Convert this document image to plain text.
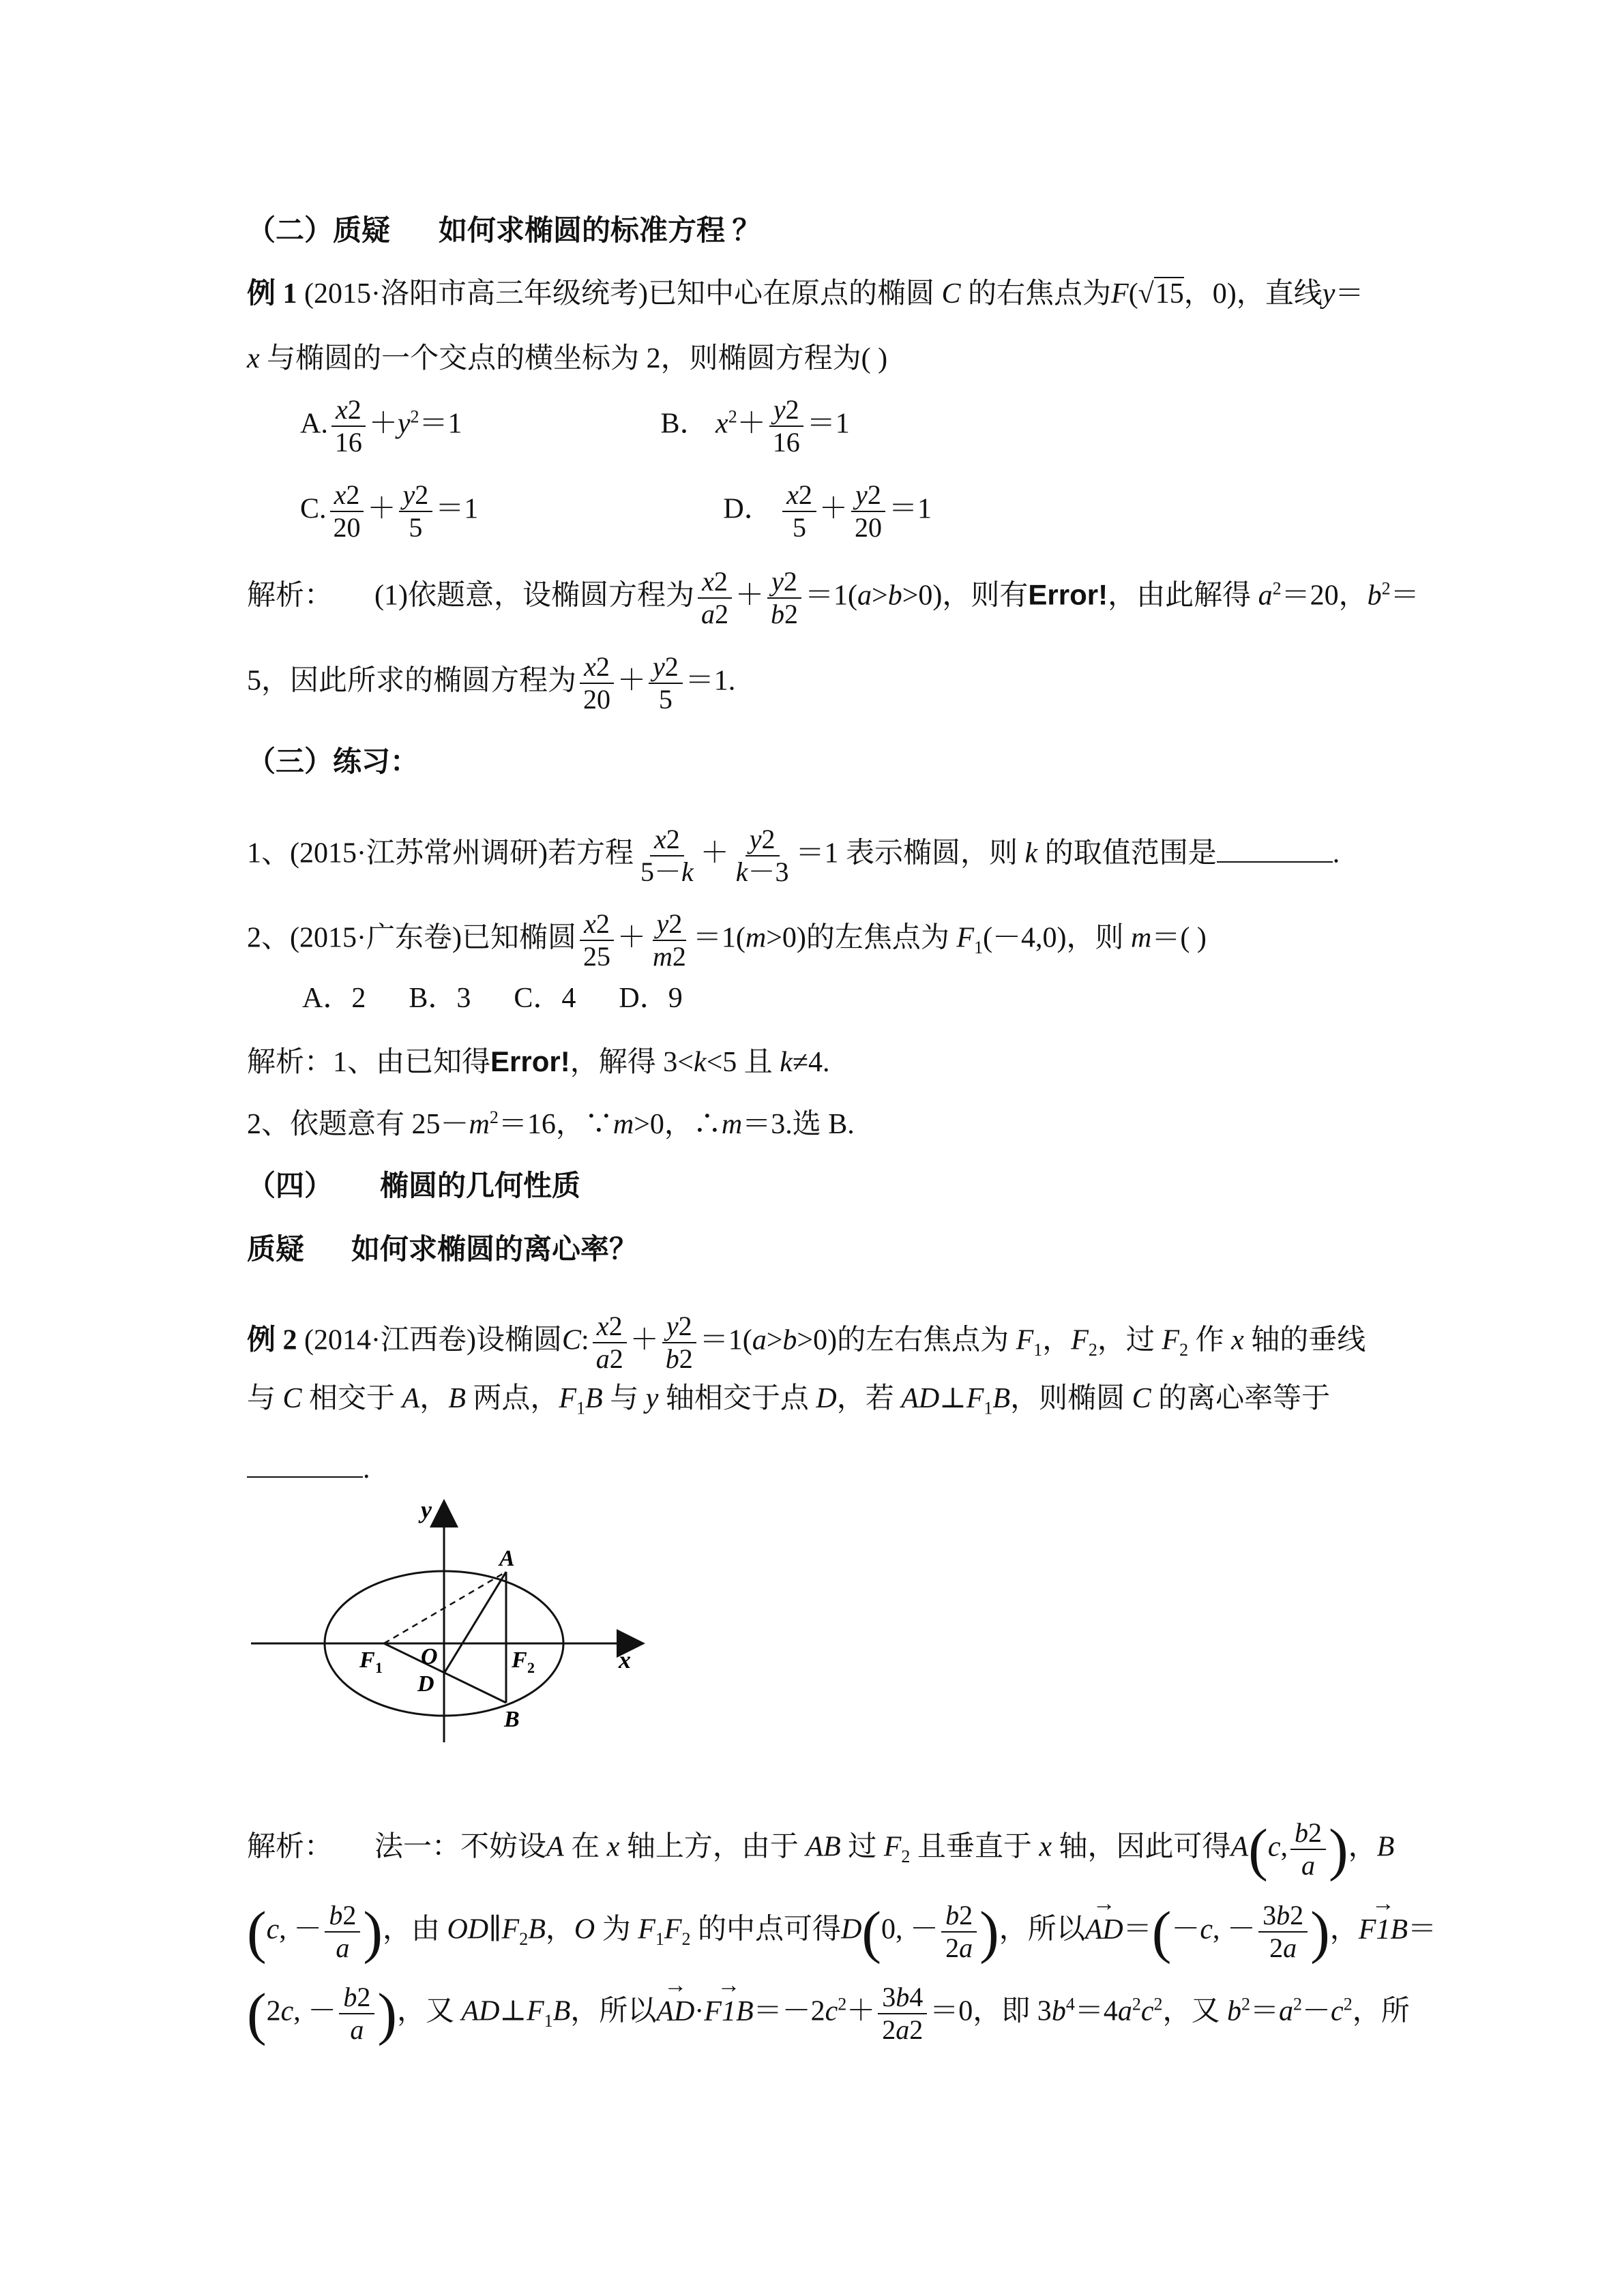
（二）质疑 如何求椭圆的标准方程 ？
例 1 (2015·洛阳市高三年级统考)已知中心在原点的椭圆 C 的右焦点为F(√15，0)，直线y＝
x 与椭圆的一个交点的横坐标为 2，则椭圆方程为( )
A. $\frac{x2}{16} +y^2=1$	B． $x^2+ \frac{y2}{16} =1$
C. $\frac{x2}{20} + \frac{y2}{5} =1$	D． $\frac{x2}{5} + \frac{y2}{20} =1$
解析： (1)依题意，设椭圆方程为 $\frac{x2}{a2} + \frac{y2}{b2} =1(a>b>0)$，则有Error!，由此解得 $a^2=20$，$b^2=$
5，因此所求的椭圆方程为 $\frac{x2}{20} + \frac{y2}{5} =1$.
（三）练习：
1、(2015·江苏常州调研)若方程 $\frac{x2}{5-k} + \frac{y2}{k-3} =1$ 表示椭圆，则 k 的取值范围是	.
2、(2015·广东卷)已知椭圆 $\frac{x2}{25} + \frac{y2}{m2} =1(m>0)$的左焦点为 $F_1(-4,0)$，则 m＝( )
A．2      B．3      C．4      D．9
解析：1、由已知得Error!，解得 3<k<5 且 k≠4.
2、依题意有 $25-m^2=16$，∵m>0，∴m＝3.选 B.
（四） 椭圆的几何性质
质疑 如何求椭圆的离心率？
例 2 (2014·江西卷)设椭圆C: $\frac{x2}{a2} + \frac{y2}{b2} =1(a>b>0)$的左右焦点为 $F_1$，$F_2$，过 $F_2$ 作 x 轴的垂线
与 C 相交于 A，B 两点，$F_1B$ 与 y 轴相交于点 D，若 $AD\perp F_1B$，则椭圆 C 的离心率等于
.
y
x
A
B
D
O
F 1	F 2
解析： 法一：不妨设A 在 x 轴上方，由于 AB 过 $F_2$ 且垂直于 x 轴，因此可得A(c, $\frac{b2}{a}$ )，B
(c, － $\frac{b2}{a}$ )，由 $OD\parallel F_2B$，O 为 $F_1F_2$ 的中点可得D(0, － $\frac{b2}{2a}$ )，所以→ AD＝(－c, － $\frac{3b2}{2a}$ )，→ F1B＝
(2c, － $\frac{b2}{a}$ )，又 $AD\perp F_1B$，所以→ $AD\cdot\to F1B=-2c^2+ \frac{3b4}{2a2} =0$，即 $3b^4=4a^2c^2$，又 $b^2=a^2-c^2$，所
